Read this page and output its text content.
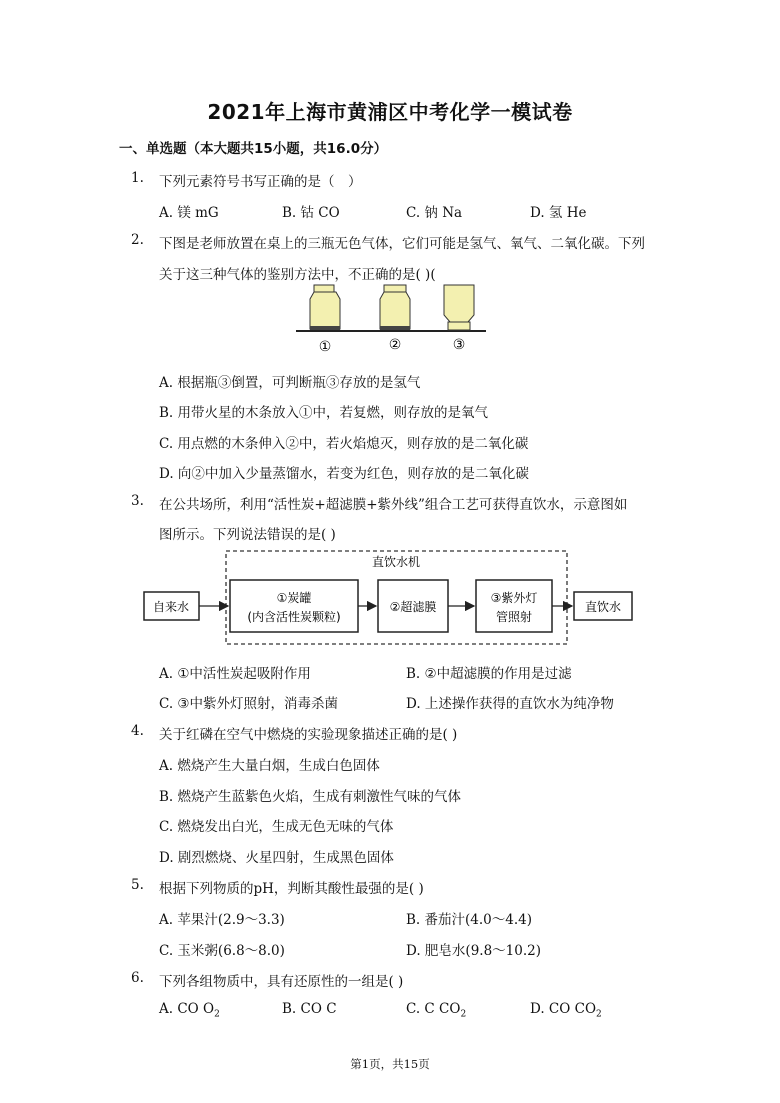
2021年上海市黄浦区中考化学一模试卷
一、单选题（本大题共15小题，共16.0分）
1. 下列元素符号书写正确的是（　）
A. 镁 mG	B. 钴 CO	C. 钠 Na	D. 氢 He
2. 下图是老师放置在桌上的三瓶无色气体，它们可能是氢气、氧气、二氧化碳。下列
关于这三种气体的鉴别方法中，不正确的是( )(
①	②	③
A. 根据瓶③倒置，可判断瓶③存放的是氢气
B. 用带火星的木条放入①中，若复燃，则存放的是氧气
C. 用点燃的木条伸入②中，若火焰熄灭，则存放的是二氧化碳
D. 向②中加入少量蒸馏水，若变为红色，则存放的是二氧化碳
3. 在公共场所，利用“活性炭+超滤膜+紫外线”组合工艺可获得直饮水，示意图如
图所示。下列说法错误的是( )
直饮水机
自来水
①炭罐
(内含活性炭颗粒)
②超滤膜
③紫外灯
管照射
直饮水
A. ①中活性炭起吸附作用	B. ②中超滤膜的作用是过滤
C. ③中紫外灯照射，消毒杀菌	D. 上述操作获得的直饮水为纯净物
4. 关于红磷在空气中燃烧的实验现象描述正确的是( )
A. 燃烧产生大量白烟，生成白色固体
B. 燃烧产生蓝紫色火焰，生成有刺激性气味的气体
C. 燃烧发出白光，生成无色无味的气体
D. 剧烈燃烧、火星四射，生成黑色固体
5. 根据下列物质的pH，判断其酸性最强的是( )
A. 苹果汁(2.9～3.3)	B. 番茄汁(4.0～4.4)
C. 玉米粥(6.8～8.0)	D. 肥皂水(9.8～10.2)
6. 下列各组物质中，具有还原性的一组是( )
A. CO $O_2$	B. CO C	C. C $CO_2$	D. CO $CO_2$
第1页，共15页
